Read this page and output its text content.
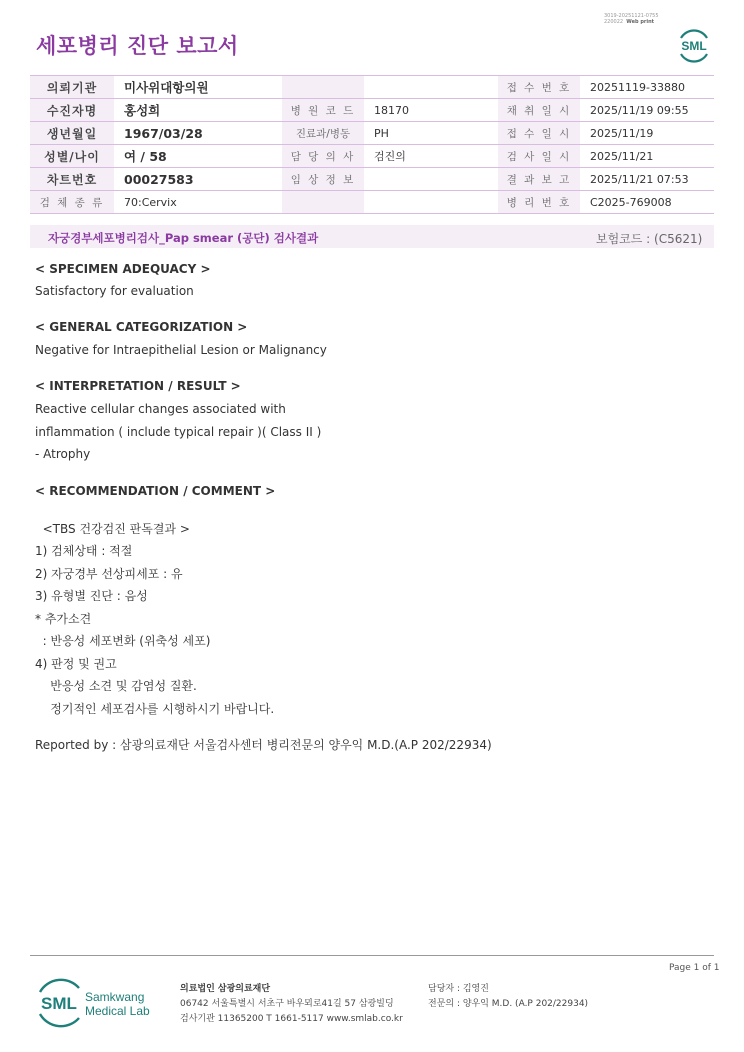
세포병리 진단 보고서
3019-20251121-0755
220022 Web print
SML
의뢰기관	미사위대항의원			접 수 번 호	20251119-33880
수진자명	홍성희	병 원 코 드	18170	채 취 일 시	2025/11/19 09:55
생년월일	1967/03/28	진료과/병동	PH	접 수 일 시	2025/11/19
성별/나이	여 / 58	담 당 의 사	검진의	검 사 일 시	2025/11/21
차트번호	00027583	임 상 정 보		결 과 보 고	2025/11/21 07:53
검 체 종 류	70:Cervix			병 리 번 호	C2025-769008
자궁경부세포병리검사_Pap smear (공단) 검사결과	보험코드 : (C5621)
< SPECIMEN ADEQUACY >
Satisfactory for evaluation
< GENERAL CATEGORIZATION >
Negative for Intraepithelial Lesion or Malignancy
< INTERPRETATION / RESULT >
Reactive cellular changes associated with
inflammation ( include typical repair )( Class II )
- Atrophy
< RECOMMENDATION / COMMENT >
<TBS 건강검진 판독결과 >
1) 검체상태 : 적절
2) 자궁경부 선상피세포 : 유
3) 유형별 진단 : 음성
* 추가소견
: 반응성 세포변화 (위축성 세포)
4) 판정 및 권고
반응성 소견 및 감염성 질환.
정기적인 세포검사를 시행하시기 바랍니다.
Reported by : 삼광의료재단 서울검사센터 병리전문의 양우익 M.D.(A.P 202/22934)
Page 1 of 1
SML Samkwang
Medical Lab
의료법인 삼광의료재단
06742 서울특별시 서초구 바우뫼로41길 57 삼광빌딩
검사기관 11365200 T 1661-5117 www.smlab.co.kr
담당자 : 김영진
전문의 : 양우익 M.D. (A.P 202/22934)
